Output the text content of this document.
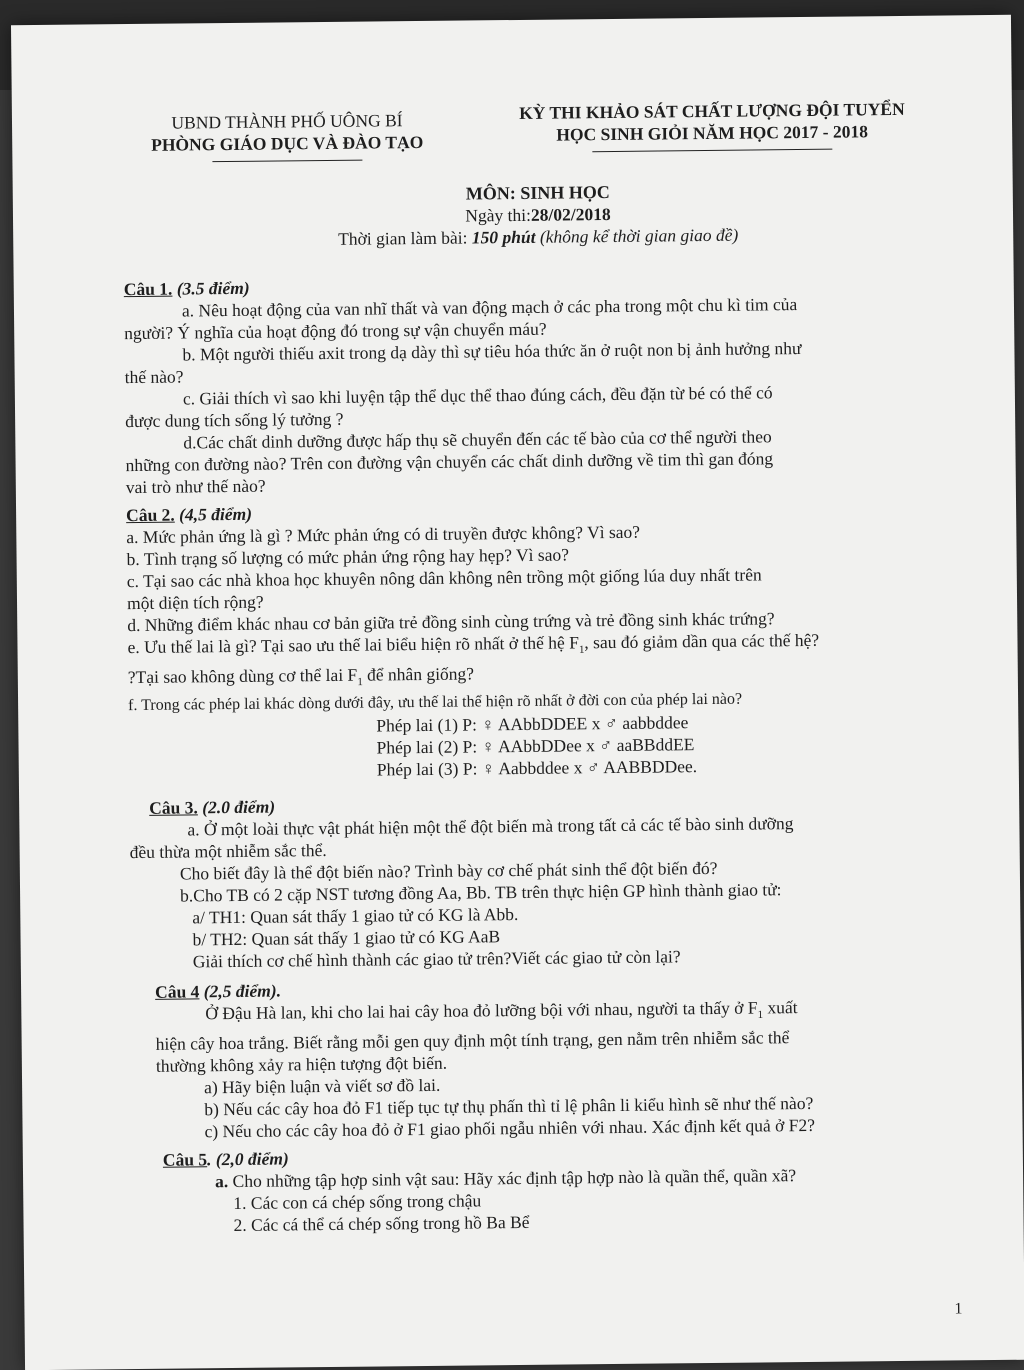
UBND THÀNH PHỐ UÔNG BÍ
PHÒNG GIÁO DỤC VÀ ĐÀO TẠO
KỲ THI KHẢO SÁT CHẤT LƯỢNG ĐỘI TUYỂN
HỌC SINH GIỎI NĂM HỌC 2017 - 2018
MÔN: SINH HỌC
Ngày thi:28/02/2018
Thời gian làm bài: 150 phút (không kể thời gian giao đề)

Câu 1. (3.5 điểm)

a. Nêu hoạt động của van nhĩ thất và van động mạch ở các pha trong một chu kì tim của

người? Ý nghĩa của hoạt động đó trong sự vận chuyển máu?

b. Một người thiếu axit trong dạ dày thì sự tiêu hóa thức ăn ở ruột non bị ảnh hưởng như

thế nào?

c. Giải thích vì sao khi luyện tập thể dục thể thao đúng cách, đều đặn từ bé có thể có

được dung tích sống lý tưởng ?

d.Các chất dinh dưỡng được hấp thụ sẽ chuyển đến các tế bào của cơ thể người theo

những con đường nào? Trên con đường vận chuyển các chất dinh dưỡng về tim thì gan đóng

vai trò như thế nào?

Câu 2. (4,5 điểm)

a. Mức phản ứng là gì ? Mức phản ứng có di truyền được không? Vì sao?

b. Tình trạng số lượng có mức phản ứng rộng hay hẹp? Vì sao?

c. Tại sao các nhà khoa học khuyên nông dân không nên trồng một giống lúa duy nhất trên

một diện tích rộng?

d. Những điểm khác nhau cơ bản giữa trẻ đồng sinh cùng trứng và trẻ đồng sinh khác trứng?

e. Ưu thế lai là gì? Tại sao ưu thế lai biểu hiện rõ nhất ở thế hệ $F_1$, sau đó giảm dần qua các thế hệ?

?Tại sao không dùng cơ thể lai $F_1$ để nhân giống?

f. Trong các phép lai khác dòng dưới đây, ưu thế lai thể hiện rõ nhất ở đời con của phép lai nào?

Phép lai (1) P: ♀ AAbbDDEE x ♂ aabbddee

Phép lai (2) P: ♀ AAbbDDee x ♂ aaBBddEE

Phép lai (3) P: ♀ Aabbddee x ♂ AABBDDee.

Câu 3. (2.0 điểm)

a. Ở một loài thực vật phát hiện một thể đột biến mà trong tất cả các tế bào sinh dưỡng

đều thừa một nhiễm sắc thể.

Cho biết đây là thể đột biến nào? Trình bày cơ chế phát sinh thể đột biến đó?

b.Cho TB có 2 cặp NST tương đồng Aa, Bb. TB trên thực hiện GP hình thành giao tử:

a/ TH1: Quan sát thấy 1 giao tử có KG là Abb.

b/ TH2: Quan sát thấy 1 giao tử có KG AaB

Giải thích cơ chế hình thành các giao tử trên?Viết các giao tử còn lại?

Câu 4 (2,5 điểm).

Ở Đậu Hà lan, khi cho lai hai cây hoa đỏ lưỡng bội với nhau, người ta thấy ở $F_1$ xuất

hiện cây hoa trắng. Biết rằng mỗi gen quy định một tính trạng, gen nằm trên nhiễm sắc thể

thường không xảy ra hiện tượng đột biến.

a) Hãy biện luận và viết sơ đồ lai.

b) Nếu các cây hoa đỏ F1 tiếp tục tự thụ phấn thì tỉ lệ phân li kiểu hình sẽ như thế nào?

c) Nếu cho các cây hoa đỏ ở F1 giao phối ngẫu nhiên với nhau. Xác định kết quả ở F2?

Câu 5. (2,0 điểm)

a. Cho những tập hợp sinh vật sau: Hãy xác định tập hợp nào là quần thể, quần xã?

1. Các con cá chép sống trong chậu

2. Các cá thể cá chép sống trong hồ Ba Bể

1
